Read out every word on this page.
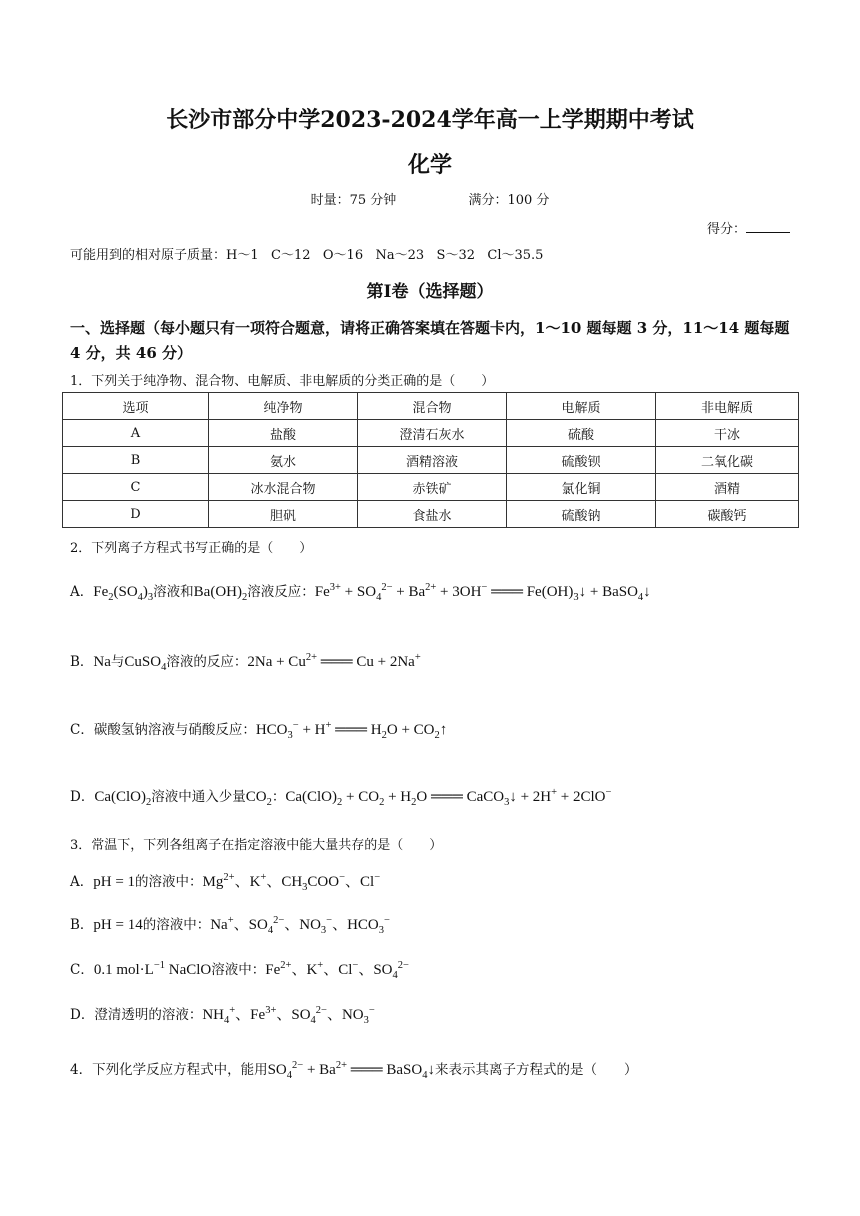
长沙市部分中学2023-2024学年高一上学期期中考试
化学
时量：75 分钟	满分：100 分
得分：
可能用到的相对原子质量：H～1   C～12   O～16   Na～23   S～32   Cl～35.5
第Ⅰ卷（选择题）
一、选择题（每小题只有一项符合题意，请将正确答案填在答题卡内，1～10 题每题 3 分，11～14 题每题 4 分，共 46 分）
1．下列关于纯净物、混合物、电解质、非电解质的分类正确的是（　　）
选项	纯净物	混合物	电解质	非电解质
A	盐酸	澄清石灰水	硫酸	干冰
B	氨水	酒精溶液	硫酸钡	二氧化碳
C	冰水混合物	赤铁矿	氯化铜	酒精
D	胆矾	食盐水	硫酸钠	碳酸钙
2．下列离子方程式书写正确的是（　　）
A．$Fe_2(SO_4)_3$溶液和$Ba(OH)_2$溶液反应：$Fe^{3+} + SO_4^{2-} + Ba^{2+} + 3OH^-$ ═══ $Fe(OH)_3↓$ + BaSO$_4$↓
B．Na与CuSO$_4$溶液的反应：$2Na + Cu^{2+}$ ═══ Cu + 2Na+
C．碳酸氢钠溶液与硝酸反应：$HCO_3^- + H^+$ ═══ $H_2O$ + $CO_2↑$
D．$Ca(ClO)_2$溶液中通入少量$CO_2$：$Ca(ClO)_2 + CO_2 + H_2O$ ═══ CaCO$_3$↓ + 2H+ + 2ClO−
3．常温下，下列各组离子在指定溶液中能大量共存的是（　　）
A．pH = 1的溶液中：$Mg^{2+}$、K+、$CH_3COO^-$、Cl−
B．pH = 14的溶液中：Na+、$SO_4^{2-}$、$NO_3^-$、$HCO_3^-$
C．0.1 $mol\cdot L^{-1}$ NaClO溶液中：$Fe^{2+}$、K+、Cl−、$SO_4^{2-}$
D．澄清透明的溶液：$NH_4^+$、$Fe^{3+}$、$SO_4^{2-}$、$NO_3^-$
4．下列化学反应方程式中，能用$SO_4^{2-} + Ba^{2+}$ ═══ BaSO$_4$↓来表示其离子方程式的是（　　）
